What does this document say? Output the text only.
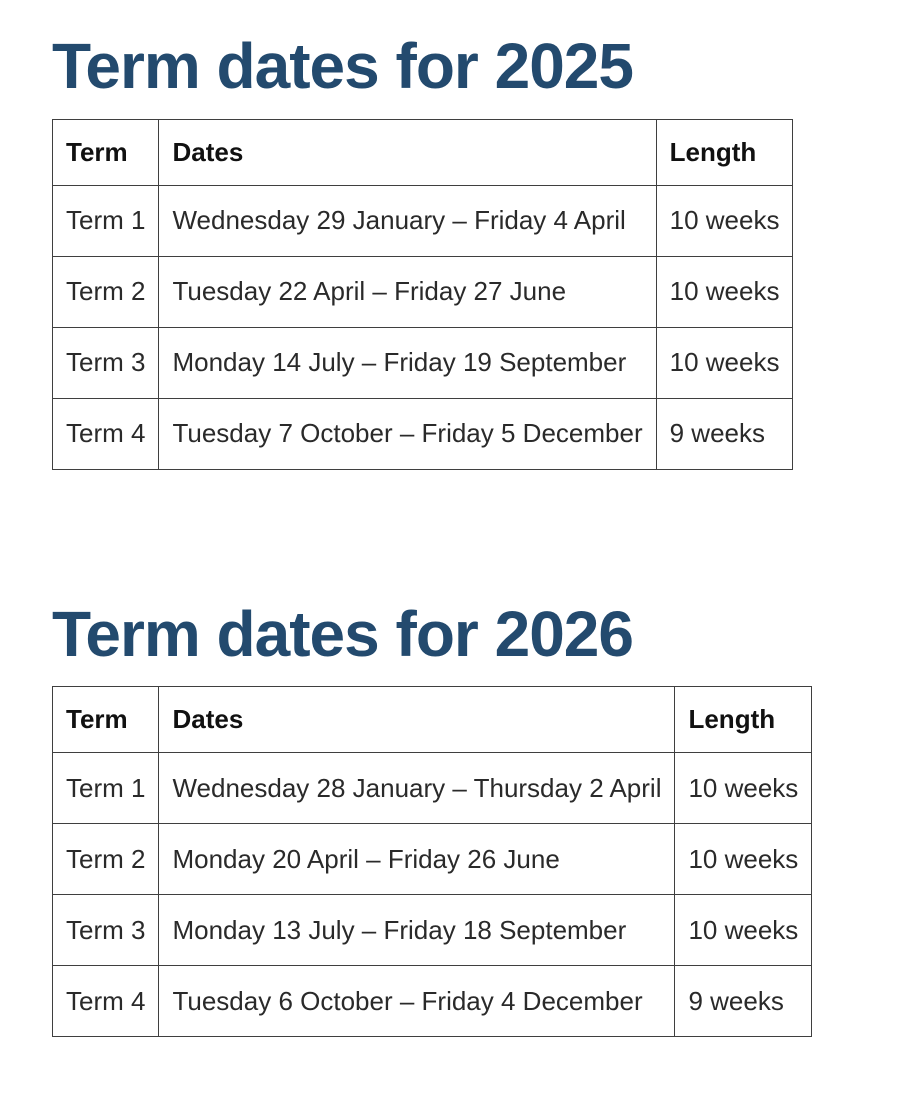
Term dates for 2025
Term	Dates	Length
Term 1	Wednesday 29 January – Friday 4 April	10 weeks
Term 2	Tuesday 22 April – Friday 27 June	10 weeks
Term 3	Monday 14 July – Friday 19 September	10 weeks
Term 4	Tuesday 7 October – Friday 5 December	9 weeks
Term dates for 2026
Term	Dates	Length
Term 1	Wednesday 28 January – Thursday 2 April	10 weeks
Term 2	Monday 20 April – Friday 26 June	10 weeks
Term 3	Monday 13 July – Friday 18 September	10 weeks
Term 4	Tuesday 6 October – Friday 4 December	9 weeks
